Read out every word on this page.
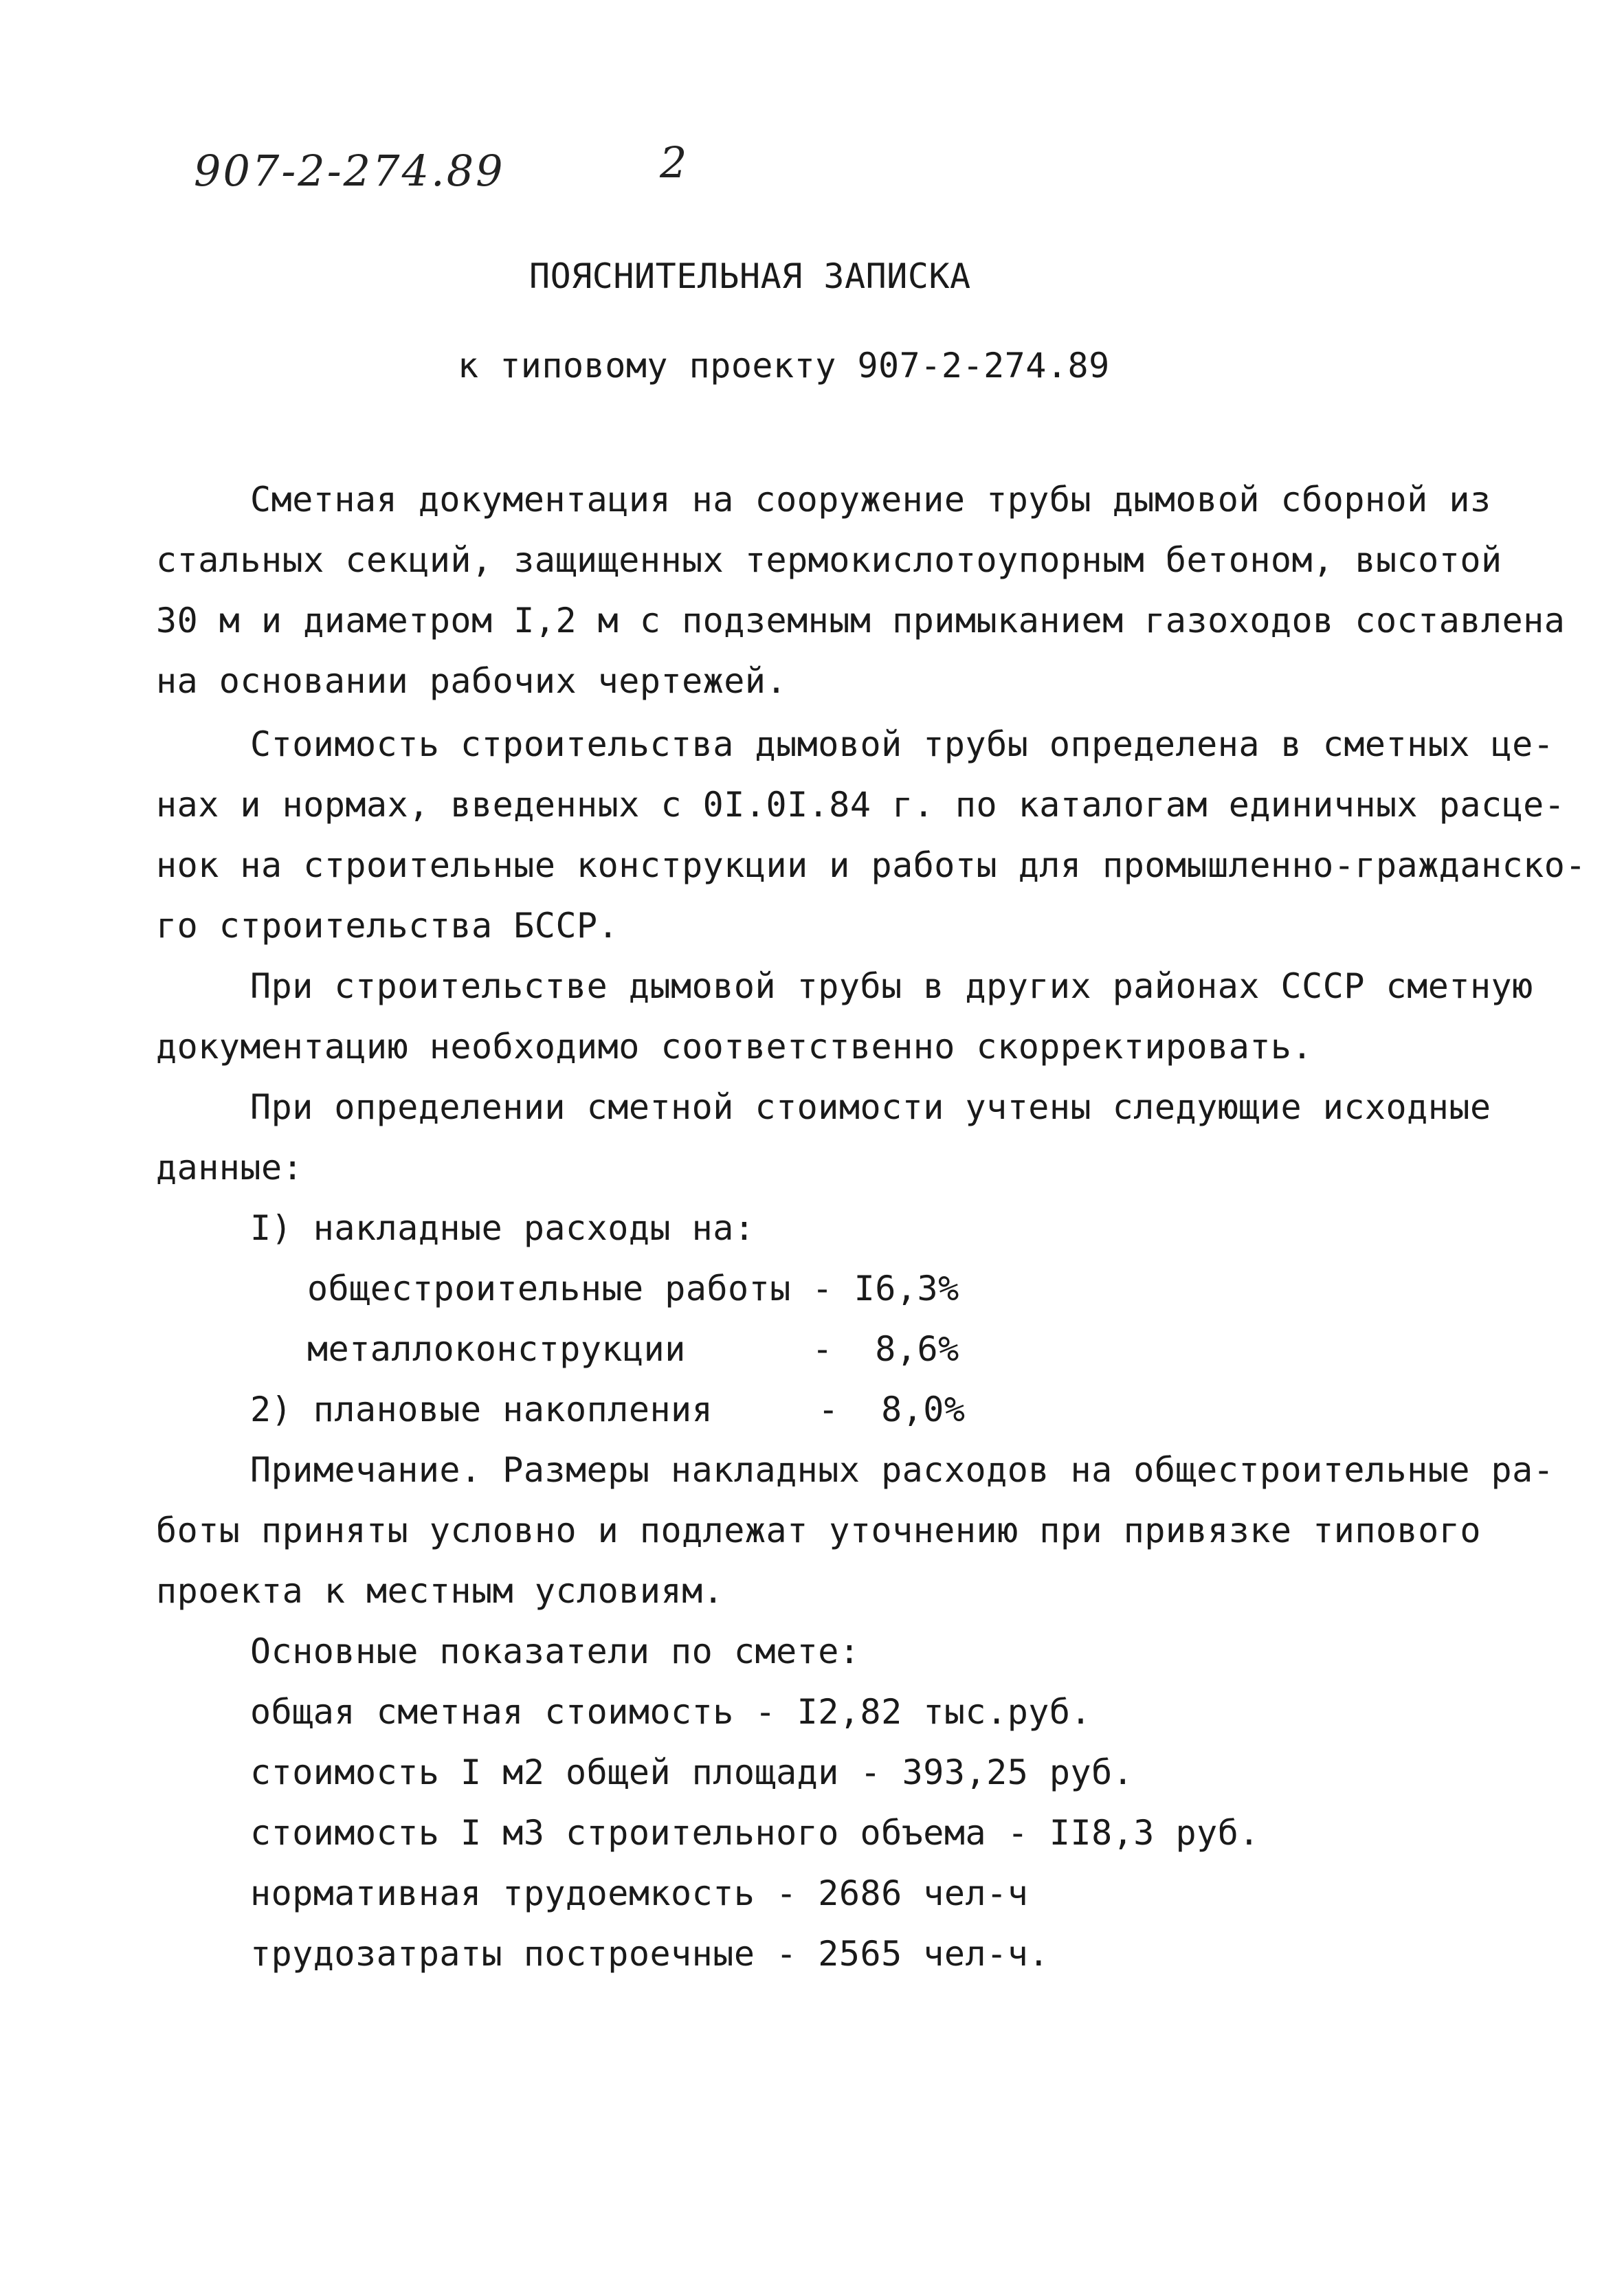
907-2-274.89	2
ПОЯСНИТЕЛЬНАЯ ЗАПИСКА
к типовому проекту 907-2-274.89
Сметная документация на сооружение трубы дымовой сборной из
стальных секций, защищенных термокислотоупорным бетоном, высотой
30 м и диаметром I,2 м с подземным примыканием газоходов составлена
на основании рабочих чертежей.
Стоимость строительства дымовой трубы определена в сметных це-
нах и нормах, введенных с 0I.0I.84 г. по каталогам единичных расце-
нок на строительные конструкции и работы для промышленно-гражданско-
го строительства БССР.
При строительстве дымовой трубы в других районах СССР сметную
документацию необходимо соответственно скорректировать.
При определении сметной стоимости учтены следующие исходные
данные:
I) накладные расходы на:
общестроительные работы - I6,3%
металлоконструкции      -  8,6%
2) плановые накопления     -  8,0%
Примечание. Размеры накладных расходов на общестроительные ра-
боты приняты условно и подлежат уточнению при привязке типового
проекта к местным условиям.
Основные показатели по смете:
общая сметная стоимость - I2,82 тыс.руб.
стоимость I м2 общей площади - 393,25 руб.
стоимость I м3 строительного объема - II8,3 руб.
нормативная трудоемкость - 2686 чел-ч
трудозатраты построечные - 2565 чел-ч.
